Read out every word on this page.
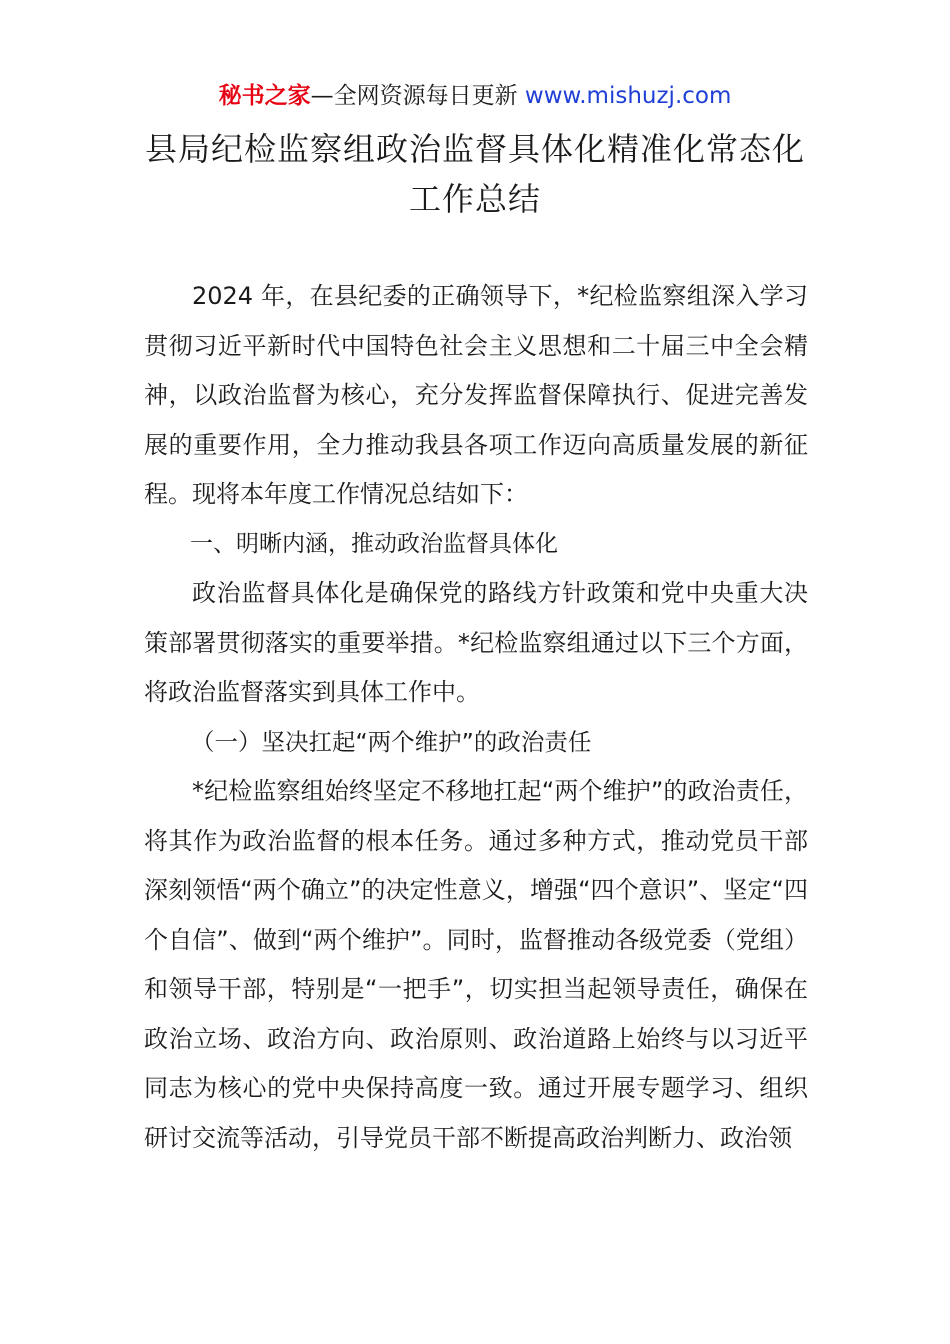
秘书之家—全网资源每日更新 www.mishuzj.com
县局纪检监察组政治监督具体化精准化常态化
工作总结

2024 年，在县纪委的正确领导下，*纪检监察组深入学习贯彻习近平新时代中国特色社会主义思想和二十届三中全会精神，以政治监督为核心，充分发挥监督保障执行、促进完善发展的重要作用，全力推动我县各项工作迈向高质量发展的新征程。现将本年度工作情况总结如下：

一、明晰内涵，推动政治监督具体化

政治监督具体化是确保党的路线方针政策和党中央重大决策部署贯彻落实的重要举措。*纪检监察组通过以下三个方面，将政治监督落实到具体工作中。

（一）坚决扛起“两个维护”的政治责任

*纪检监察组始终坚定不移地扛起“两个维护”的政治责任，将其作为政治监督的根本任务。通过多种方式，推动党员干部深刻领悟“两个确立”的决定性意义，增强“四个意识”、坚定“四个自信”、做到“两个维护”。同时，监督推动各级党委（党组）和领导干部，特别是“一把手”，切实担当起领导责任，确保在政治立场、政治方向、政治原则、政治道路上始终与以习近平同志为核心的党中央保持高度一致。通过开展专题学习、组织研讨交流等活动，引导党员干部不断提高政治判断力、政治领
